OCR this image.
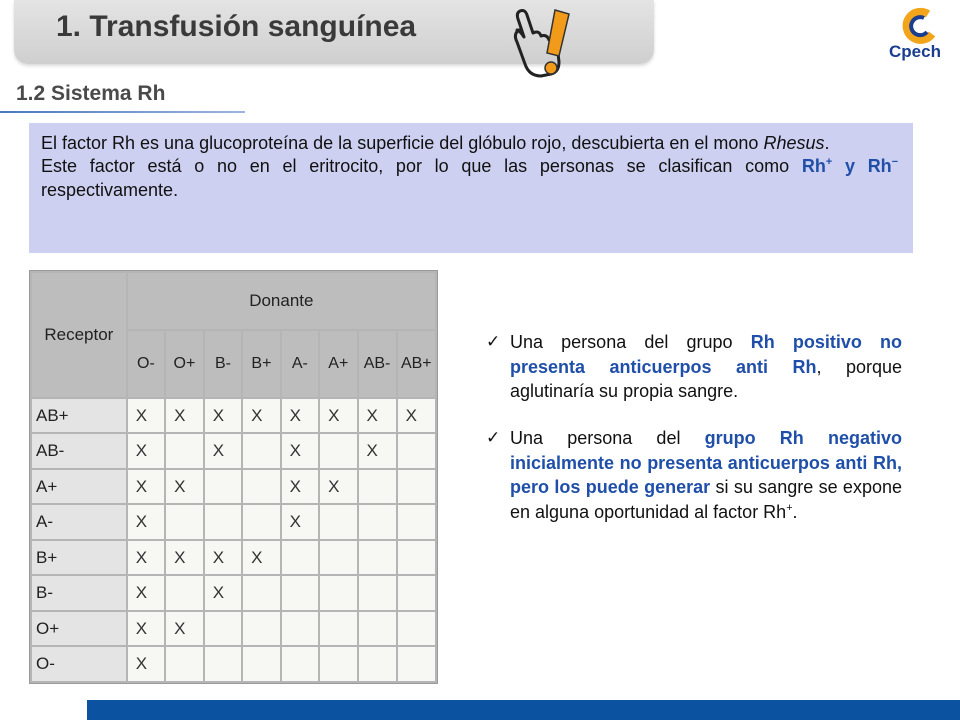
1. Transfusión sanguínea
Cpech
1.2 Sistema Rh

El factor Rh es una glucoproteína de la superficie del glóbulo rojo, descubierta en el mono Rhesus.

Este factor está o no en el eritrocito, por lo que las personas se clasifican como Rh+ y Rh− respectivamente.

Receptor	Donante							
	O-	O+	B-	B+	A-	A+	AB-	AB+
AB+	X	X	X	X	X	X	X	X
AB-	X		X		X		X	
A+	X	X			X	X		
A-	X				X			
B+	X	X	X	X				
B-	X		X					
O+	X	X						
O-	X							
✓ Una persona del grupo Rh positivo no presenta anticuerpos anti Rh, porque aglutinaría su propia sangre.
✓ Una persona del grupo Rh negativo inicialmente no presenta anticuerpos anti Rh, pero los puede generar si su sangre se expone en alguna oportunidad al factor Rh+.
